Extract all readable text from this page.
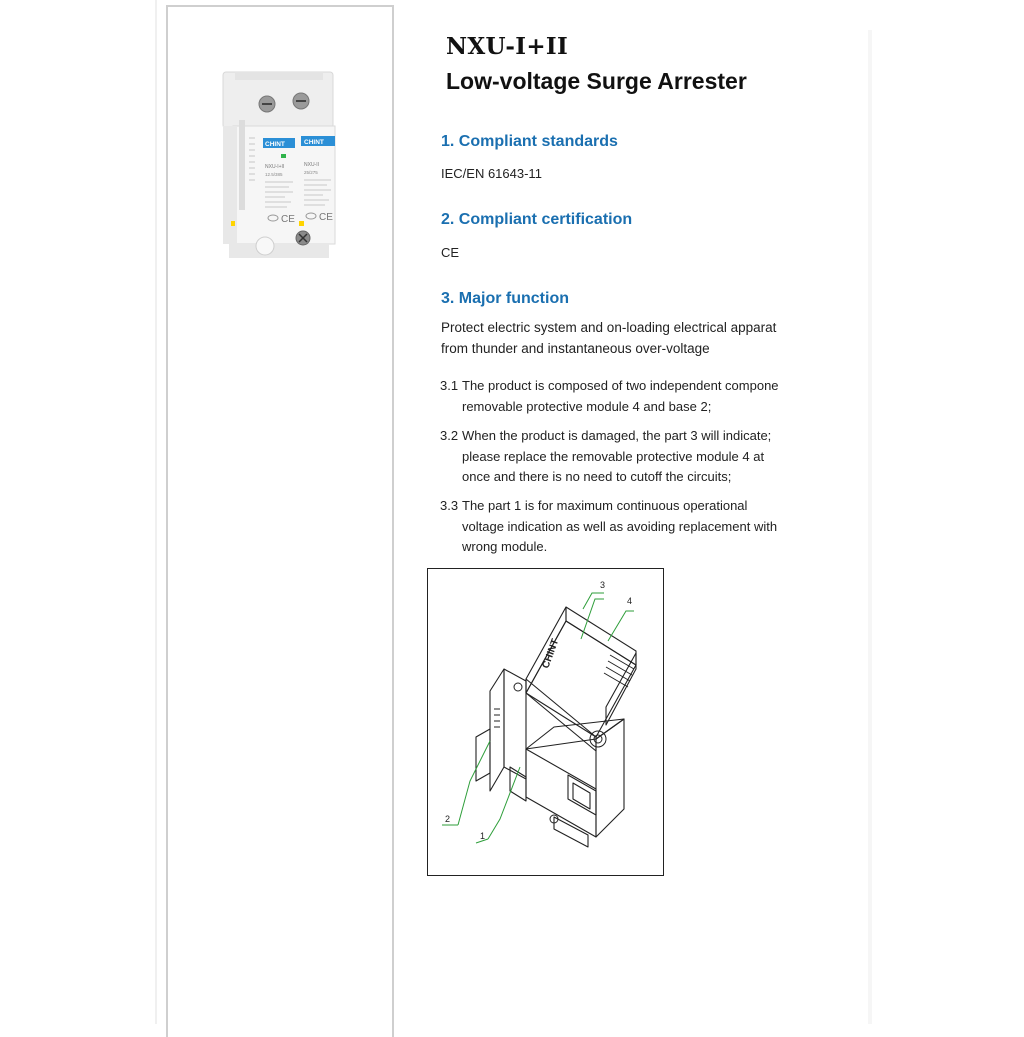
CHINT	CHINT
NXU-I+II	NXU-II
12.5/385	25/275
CE CE
NXU-I+II
Low-voltage Surge Arrester
1. Compliant standards
IEC/EN 61643-11
2. Compliant certification
CE
3. Major function
Protect electric system and on-loading electrical apparat
from thunder and instantaneous over-voltage
3.1 The product is composed of two independent compone
removable protective module 4 and base 2;
3.2 When the product is damaged, the part 3 will indicate;
please replace the removable protective module 4 at
once and there is no need to cutoff the circuits;
3.3 The part 1 is for maximum continuous operational
voltage indication as well as avoiding replacement with
wrong module.
CHINT
3
4
2
1
